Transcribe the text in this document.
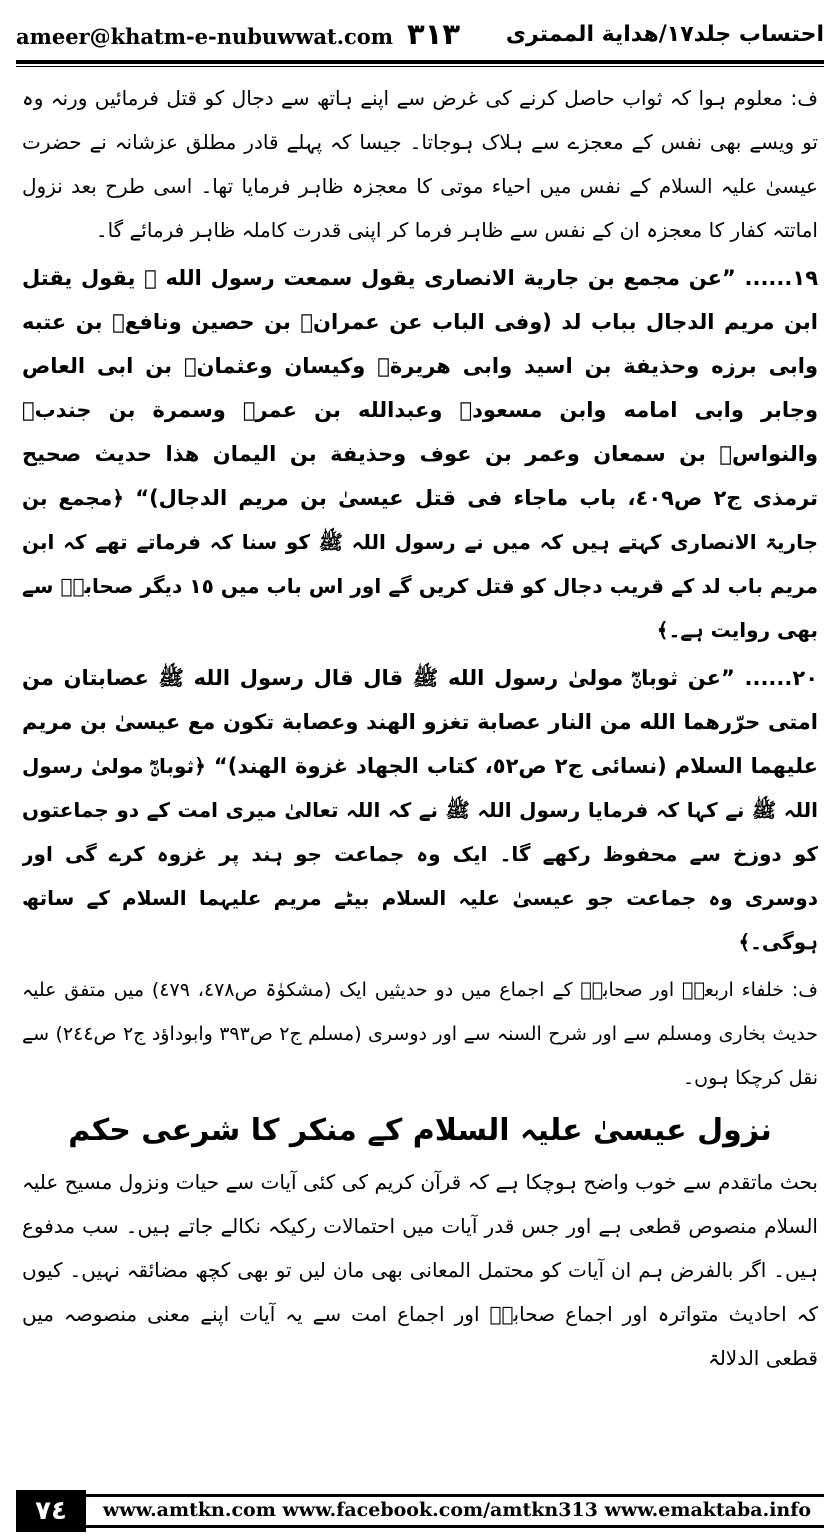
ameer@khatm-e-nubuwwat.com ٣١٣ احتساب جلد١٧/هداية الممترى

ف: معلوم ہوا کہ ثواب حاصل کرنے کی غرض سے اپنے ہاتھ سے دجال کو قتل فرمائیں ورنہ وہ تو ویسے بھی نفس کے معجزے سے ہلاک ہوجاتا۔ جیسا کہ پہلے قادر مطلق عزشانہ نے حضرت عیسیٰ علیہ السلام کے نفس میں احیاء موتی کا معجزہ ظاہر فرمایا تھا۔ اسی طرح بعد نزول اماتتہ کفار کا معجزہ ان کے نفس سے ظاہر فرما کر اپنی قدرت کاملہ ظاہر فرمائے گا۔

١٩...... ”عن مجمع بن جارية الانصارى يقول سمعت رسول الله ﷺ يقول يقتل ابن مريم الدجال بباب لد (وفى الباب عن عمرانؓ بن حصين ونافعؓ بن عتبه وابى برزه وحذيفة بن اسيد وابى هريرةؓ وكيسان وعثمانؓ بن ابى العاص وجابر وابى امامه وابن مسعودؓ وعبدالله بن عمرؓ وسمرة بن جندبؓ والنواسؓ بن سمعان وعمر بن عوف وحذيفة بن اليمان هذا حديث صحيح ترمذى ج٢ ص٤٠٩، باب ماجاء فى قتل عيسىٰ بن مريم الدجال)“ ﴿مجمع بن جاریۃ الانصاری کہتے ہیں کہ میں نے رسول اللہ ﷺ کو سنا کہ فرماتے تھے کہ ابن مریم باب لد کے قریب دجال کو قتل کریں گے اور اس باب میں ١٥ دیگر صحابہؓ سے بھی روایت ہے۔﴾

٢٠...... ”عن ثوبانؓ مولىٰ رسول الله ﷺ قال قال رسول الله ﷺ عصابتان من امتى حرّرهما الله من النار عصابة تغزو الهند وعصابة تكون مع عيسىٰ بن مريم عليهما السلام (نسائى ج٢ ص٥٢، كتاب الجهاد غزوة الهند)“ ﴿ثوبانؓ مولیٰ رسول اللہ ﷺ نے کہا کہ فرمایا رسول اللہ ﷺ نے کہ اللہ تعالیٰ میری امت کے دو جماعتوں کو دوزخ سے محفوظ رکھے گا۔ ایک وہ جماعت جو ہند پر غزوہ کرے گی اور دوسری وہ جماعت جو عیسیٰ علیہ السلام بیٹے مریم علیہما السلام کے ساتھ ہوگی۔﴾

ف: خلفاء اربعہؓ اور صحابہؓ کے اجماع میں دو حدیثیں ایک (مشکوٰۃ ص٤٧٨، ٤٧٩) میں متفق علیہ حدیث بخاری ومسلم سے اور شرح السنہ سے اور دوسری (مسلم ج٢ ص٣٩٣ وابوداؤد ج٢ ص٢٤٤) سے نقل کرچکا ہوں۔

نزول عیسیٰ علیہ السلام کے منکر کا شرعی حکم

بحث ماتقدم سے خوب واضح ہوچکا ہے کہ قرآن کریم کی کئی آیات سے حیات ونزول مسیح علیہ السلام منصوص قطعی ہے اور جس قدر آیات میں احتمالات رکیکہ نکالے جاتے ہیں۔ سب مدفوع ہیں۔ اگر بالفرض ہم ان آیات کو محتمل المعانی بھی مان لیں تو بھی کچھ مضائقہ نہیں۔ کیوں کہ احادیث متواترہ اور اجماع صحابہؓ اور اجماع امت سے یہ آیات اپنے معنی منصوصہ میں قطعی الدلالۃ

٧٤	www.amtkn.com www.facebook.com/amtkn313 www.emaktaba.info
